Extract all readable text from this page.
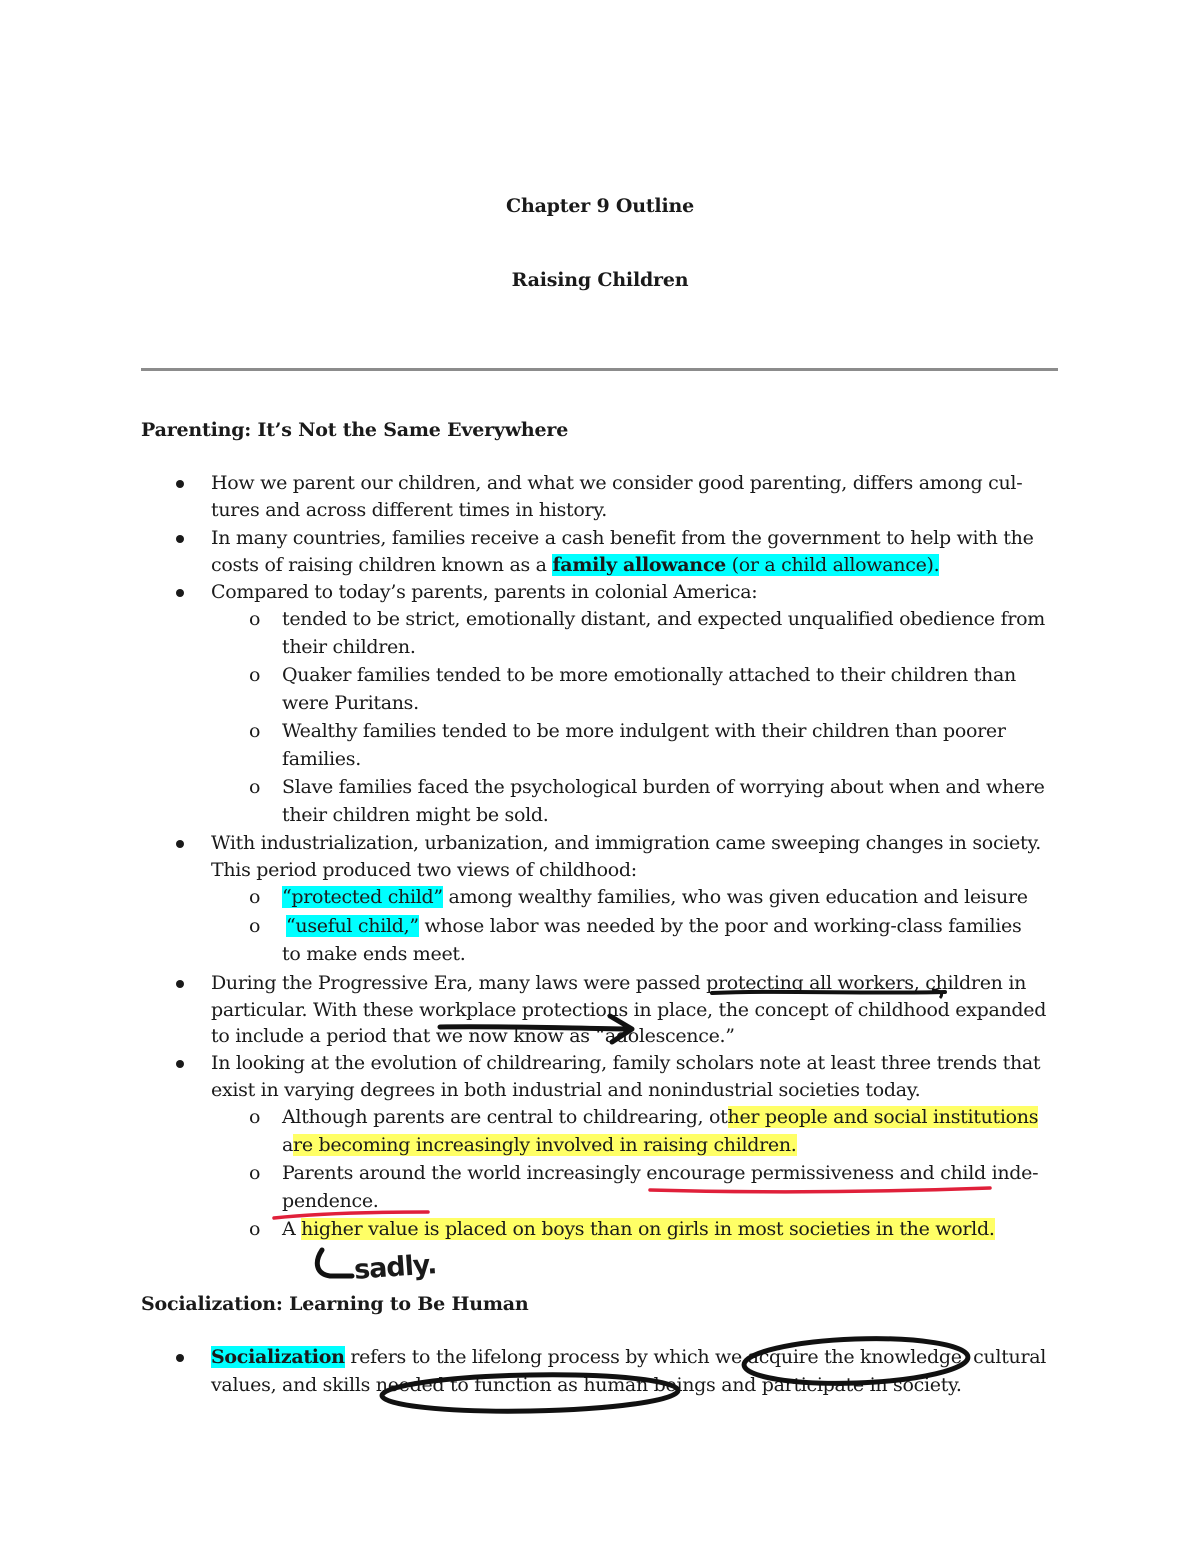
Chapter 9 Outline
Raising Children
Parenting: It’s Not the Same Everywhere
How we parent our children, and what we consider good parenting, differs among cul-
tures and across different times in history.
In many countries, families receive a cash benefit from the government to help with the
costs of raising children known as a family allowance (or a child allowance).
Compared to today’s parents, parents in colonial America:
o tended to be strict, emotionally distant, and expected unqualified obedience from
their children.
o Quaker families tended to be more emotionally attached to their children than
were Puritans.
o Wealthy families tended to be more indulgent with their children than poorer
families.
o Slave families faced the psychological burden of worrying about when and where
their children might be sold.
With industrialization, urbanization, and immigration came sweeping changes in society.
This period produced two views of childhood:
o “protected child” among wealthy families, who was given education and leisure
o “useful child,” whose labor was needed by the poor and working-class families
to make ends meet.
During the Progressive Era, many laws were passed protecting all workers, children in
particular. With these workplace protections in place, the concept of childhood expanded
to include a period that we now know as “adolescence.”
In looking at the evolution of childrearing, family scholars note at least three trends that
exist in varying degrees in both industrial and nonindustrial societies today.
o Although parents are central to childrearing, other people and social institutions
are becoming increasingly involved in raising children.
o Parents around the world increasingly encourage permissiveness and child inde-
pendence.
o A higher value is placed on boys than on girls in most societies in the world.
Socialization: Learning to Be Human
Socialization refers to the lifelong process by which we acquire the knowledge, cultural
values, and skills needed to function as human beings and participate in society.
sadly.
